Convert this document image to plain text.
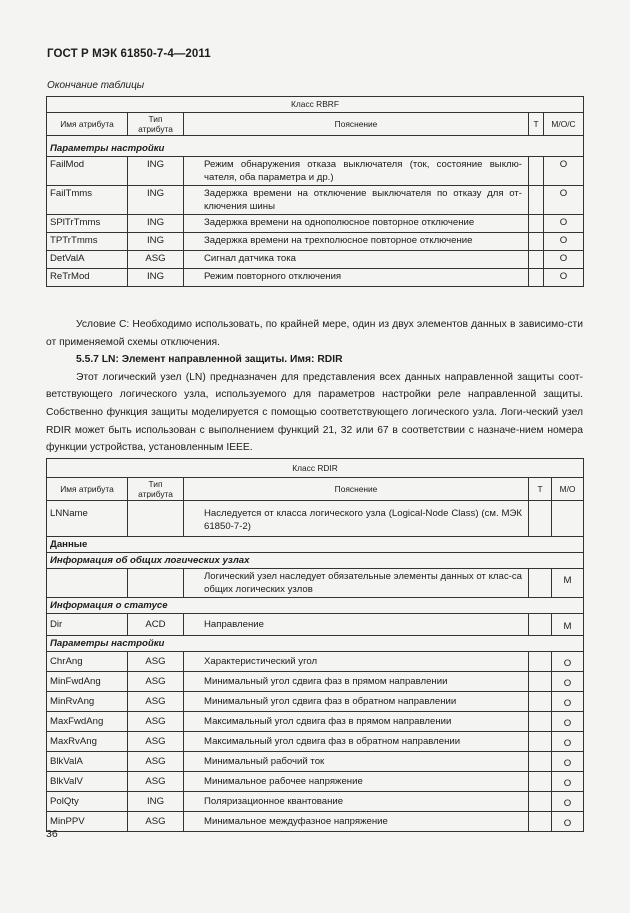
ГОСТ Р МЭК 61850-7-4—2011
Окончание таблицы
Класс RBRF				
Имя атрибута	Тип атрибута	Пояснение	T	М/О/С
Параметры настройки				
FailMod	ING	Режим обнаружения отказа выключателя (ток, состояние выклю-чателя, оба параметра и др.)		О
FailTmms	ING	Задержка времени на отключение выключателя по отказу для от-ключения шины		О
SPlTrTmms	ING	Задержка времени на однополюсное повторное отключение		О
TPTrTmms	ING	Задержка времени на трехполюсное повторное отключение		О
DetValA	ASG	Сигнал датчика тока		О
ReTrMod	ING	Режим повторного отключения		О

Условие С: Необходимо использовать, по крайней мере, один из двух элементов данных в зависимо-сти от применяемой схемы отключения.

5.5.7 LN: Элемент направленной защиты. Имя: RDIR

Этот логический узел (LN) предназначен для представления всех данных направленной защиты соот-ветствующего логического узла, используемого для параметров настройки реле направленной защиты. Собственно функция защиты моделируется с помощью соответствующего логического узла. Логи-ческий узел RDIR может быть использован с выполнением функций 21, 32 или 67 в соответствии с назначе-нием номера функции устройства, установленным IEEE.

Класс RDIR				
Имя атрибута	Тип атрибута	Пояснение	T	М/О
LNName		Наследуется от класса логического узла (Logical-Node Class) (см. МЭК 61850-7-2)		
Данные				
Информация об общих логических узлах				
		Логический узел наследует обязательные элементы данных от клас-са общих логических узлов		М
Информация о статусе				
Dir	ACD	Направление		М
Параметры настройки				
ChrAng	ASG	Характеристический угол		О
MinFwdAng	ASG	Минимальный угол сдвига фаз в прямом направлении		О
MinRvAng	ASG	Минимальный угол сдвига фаз в обратном направлении		О
MaxFwdAng	ASG	Максимальный угол сдвига фаз в прямом направлении		О
MaxRvAng	ASG	Максимальный угол сдвига фаз в обратном направлении		О
BlkValA	ASG	Минимальный рабочий ток		О
BlkValV	ASG	Минимальное рабочее напряжение		О
PolQty	ING	Поляризационное квантование		О
MinPPV	ASG	Минимальное междуфазное напряжение		О
36
